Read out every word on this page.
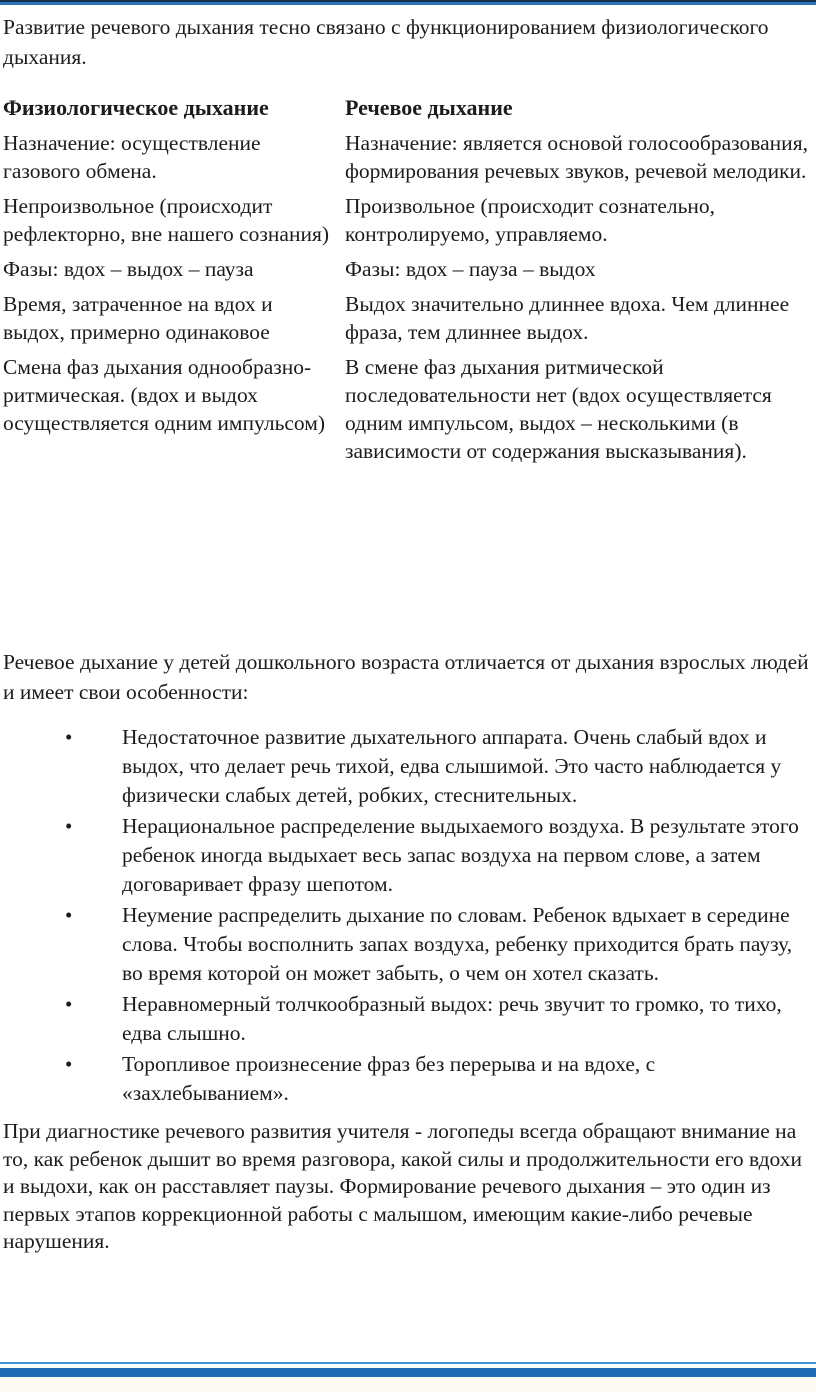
Развитие речевого дыхания тесно связано с функционированием физиологического дыхания.

Физиологическое дыхание	Речевое дыхание

Назначение: осуществление газового обмена.	Назначение: является основой голосообразования, формирования речевых звуков, речевой мелодики.

Непроизвольное (происходит рефлекторно, вне нашего сознания)	Произвольное (происходит сознательно, контролируемо, управляемо.

Фазы: вдох – выдох – пауза	Фазы: вдох – пауза – выдох

Время, затраченное на вдох и выдох, примерно одинаковое	Выдох значительно длиннее вдоха. Чем длиннее фраза, тем длиннее выдох.

Смена фаз дыхания однообразно-ритмическая. (вдох и выдох осуществляется одним импульсом)	В смене фаз дыхания ритмической последовательности нет (вдох осуществляется одним импульсом, выдох – несколькими (в зависимости от содержания высказывания).

Речевое дыхание у детей дошкольного возраста отличается от дыхания взрослых людей и имеет свои особенности:

• Недостаточное развитие дыхательного аппарата. Очень слабый вдох и выдох, что делает речь тихой, едва слышимой. Это часто наблюдается у физически слабых детей, робких, стеснительных.
• Нерациональное распределение выдыхаемого воздуха. В результате этого ребенок иногда выдыхает весь запас воздуха на первом слове, а затем договаривает фразу шепотом.
• Неумение распределить дыхание по словам. Ребенок вдыхает в середине слова. Чтобы восполнить запах воздуха, ребенку приходится брать паузу, во время которой он может забыть, о чем он хотел сказать.
• Неравномерный толчкообразный выдох: речь звучит то громко, то тихо, едва слышно.
• Торопливое произнесение фраз без перерыва и на вдохе, с «захлебыванием».

При диагностике речевого развития учителя - логопеды всегда обращают внимание на то, как ребенок дышит во время разговора, какой силы и продолжительности его вдохи и выдохи, как он расставляет паузы. Формирование речевого дыхания – это один из первых этапов коррекционной работы с малышом, имеющим какие-либо речевые нарушения.
